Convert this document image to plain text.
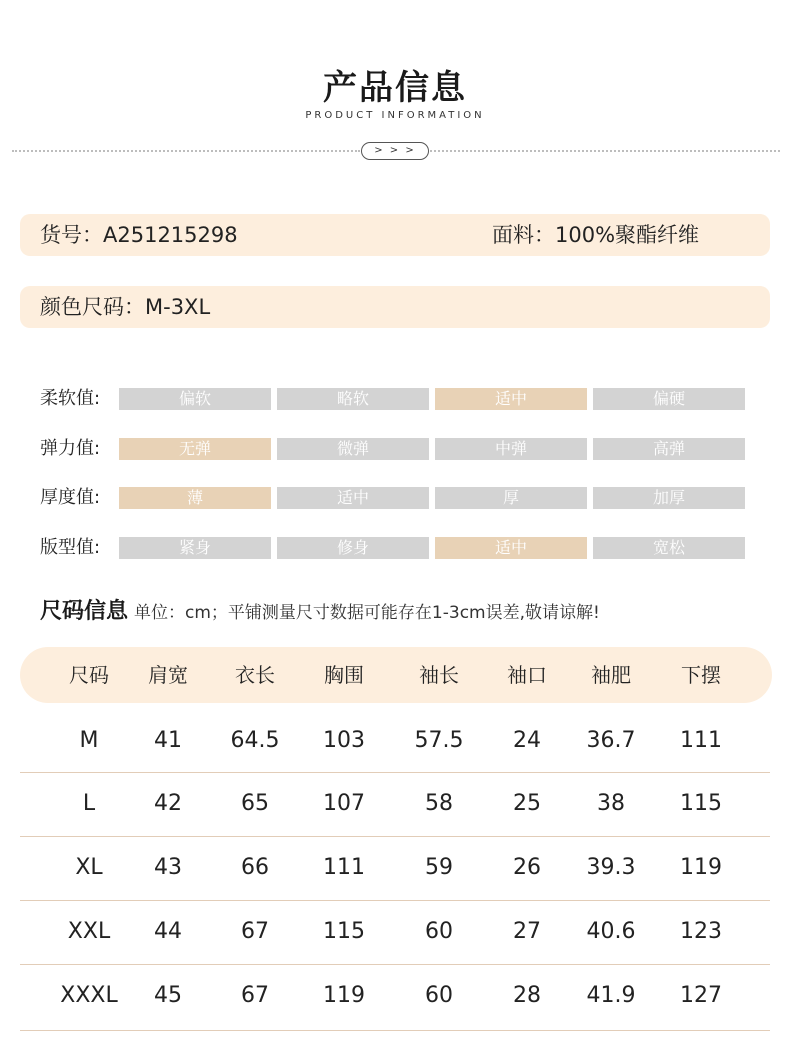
产品信息
PRODUCT INFORMATION
> > >
货号：A251215298	面料：100%聚酯纤维
颜色尺码：M-3XL
柔软值:	偏软	略软	适中	偏硬
弹力值:	无弹	微弹	中弹	高弹
厚度值:	薄	适中	厚	加厚
版型值:	紧身	修身	适中	宽松
尺码信息 单位：cm；平铺测量尺寸数据可能存在1-3cm误差,敬请谅解!
尺码 肩宽 衣长 胸围	袖长 袖口 袖肥	下摆
M	41 64.5 103 57.5 24 36.7 111
L	42	65 107	58	25	38	115
XL 43	66 111	59	26 39.3 119
XXL 44	67 115	60	27 40.6 123
XXXL 45	67 119	60	28 41.9 127
